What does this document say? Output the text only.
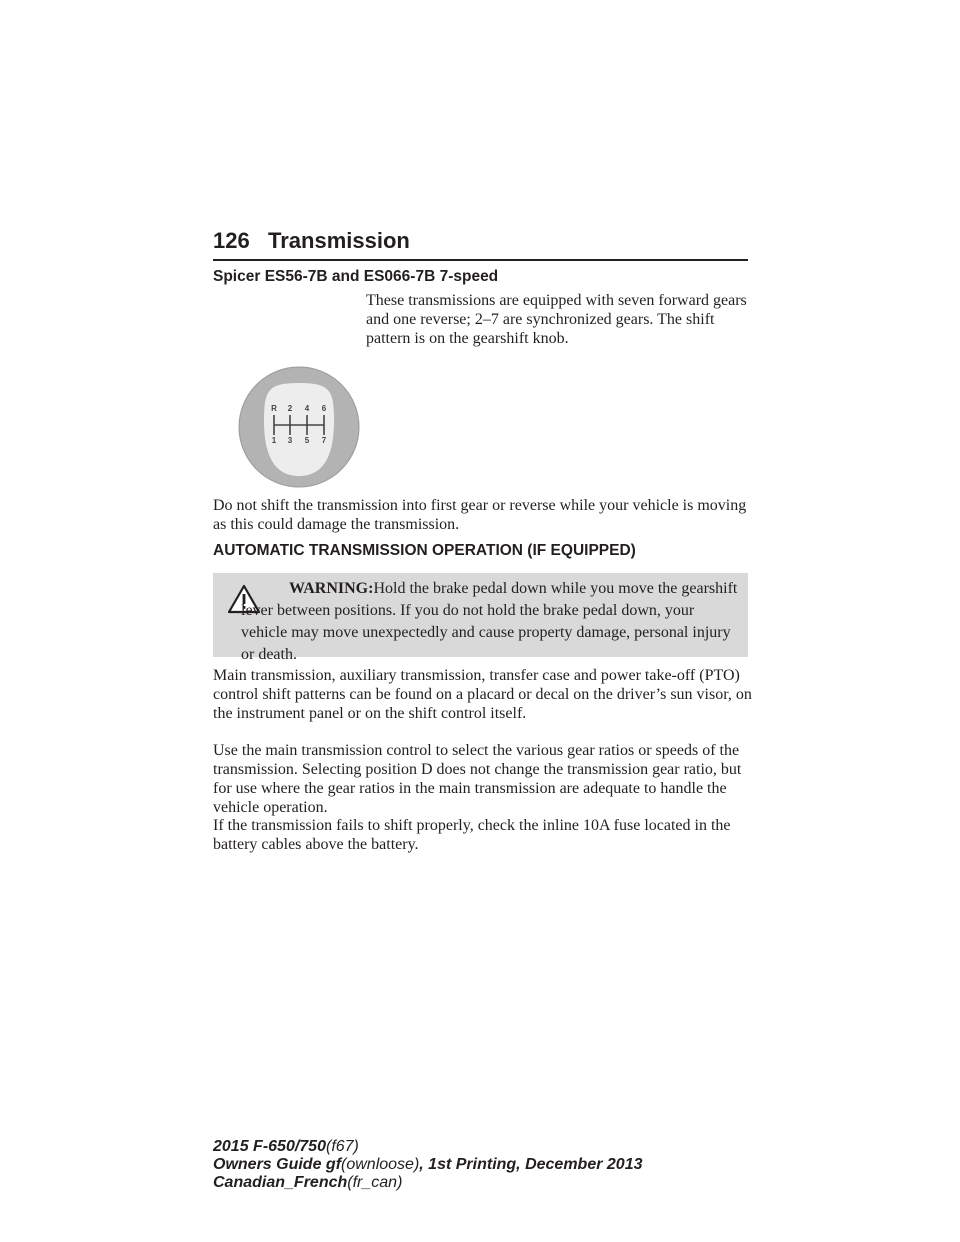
126 Transmission
Spicer ES56-7B and ES066-7B 7-speed

These transmissions are equipped with seven forward gears and one reverse; 2–7 are synchronized gears. The shift pattern is on the gearshift knob.

R 2 4 6
1 3 5 7

Do not shift the transmission into first gear or reverse while your vehicle is moving as this could damage the transmission.

AUTOMATIC TRANSMISSION OPERATION (IF EQUIPPED)

WARNING:Hold the brake pedal down while you move the gearshift lever between positions. If you do not hold the brake pedal down, your vehicle may move unexpectedly and cause property damage, personal injury or death.

Main transmission, auxiliary transmission, transfer case and power take-off (PTO) control shift patterns can be found on a placard or decal on the driver’s sun visor, on the instrument panel or on the shift control itself.

Use the main transmission control to select the various gear ratios or speeds of the transmission. Selecting position D does not change the transmission gear ratio, but for use where the gear ratios in the main transmission are adequate to handle the vehicle operation.

If the transmission fails to shift properly, check the inline 10A fuse located in the battery cables above the battery.

2015 F-650/750(f67)
Owners Guide gf(ownloose), 1st Printing, December 2013
Canadian_French(fr_can)
